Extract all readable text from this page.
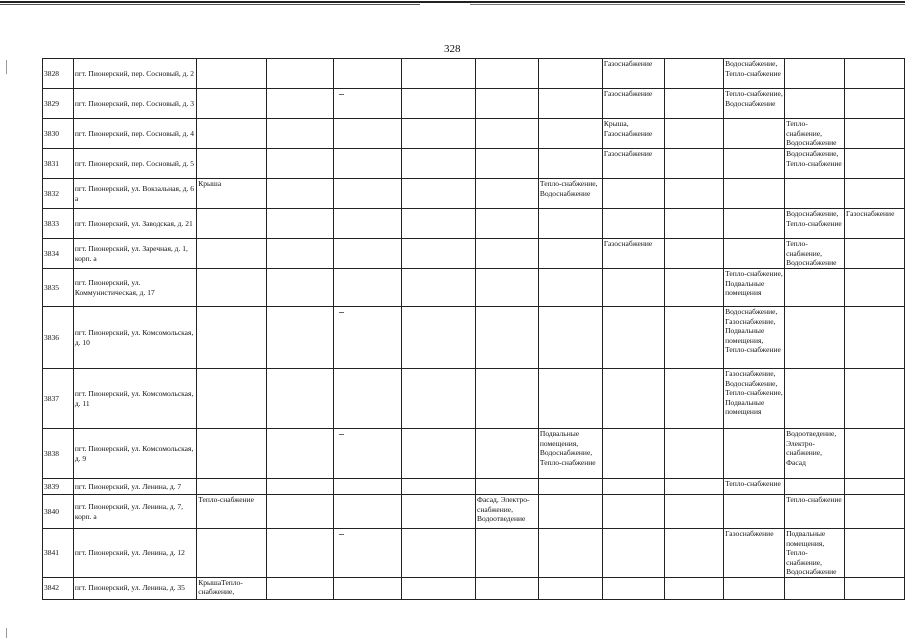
328
3828	пгт. Пионерский, пер. Сосновый, д. 2							Газоснабжение		Водоснабжение, Тепло-снабжение		
3829	пгт. Пионерский, пер. Сосновый, д. 3							Газоснабжение		Тепло-снабжение, Водоснабжение		
3830	пгт. Пионерский, пер. Сосновый, д. 4							Крыша, Газоснабжение			Тепло-снабжение, Водоснабжение	
3831	пгт. Пионерский, пер. Сосновый, д. 5							Газоснабжение			Водоснабжение, Тепло-снабжение	
3832	пгт. Пионерский, ул. Вокзальная, д. 6 а	Крыша					Тепло-снабжение, Водоснабжение					
3833	пгт. Пионерский, ул. Заводская, д. 21										Водоснабжение, Тепло-снабжение	Газоснабжение
3834	пгт. Пионерский, ул. Заречная, д. 1, корп. а							Газоснабжение			Тепло-снабжение, Водоснабжение	
3835	пгт. Пионерский, ул. Коммунистическая, д. 17									Тепло-снабжение, Подвальные помещения		
3836	пгт. Пионерский, ул. Комсомольская, д. 10									Водоснабжение, Газоснабжение, Подвальные помещения, Тепло-снабжение		
3837	пгт. Пионерский, ул. Комсомольская, д. 11									Газоснабжение, Водоснабжение, Тепло-снабжение, Подвальные помещения		
3838	пгт. Пионерский, ул. Комсомольская, д. 9						Подвальные помещения, Водоснабжение, Тепло-снабжение				Водоотведение, Электро-снабжение, Фасад	
3839	пгт. Пионерский, ул. Ленина, д. 7									Тепло-снабжение		
3840	пгт. Пионерский, ул. Ленина, д. 7, корп. а	Тепло-снабжение				Фасад, Электро-снабжение, Водоотведение					Тепло-снабжение	
3841	пгт. Пионерский, ул. Ленина, д. 12									Газоснабжение	Подвальные помещения, Тепло-снабжение, Водоснабжение	
3842	пгт. Пионерский, ул. Ленина, д. 35	КрышаТепло-снабжение,										
